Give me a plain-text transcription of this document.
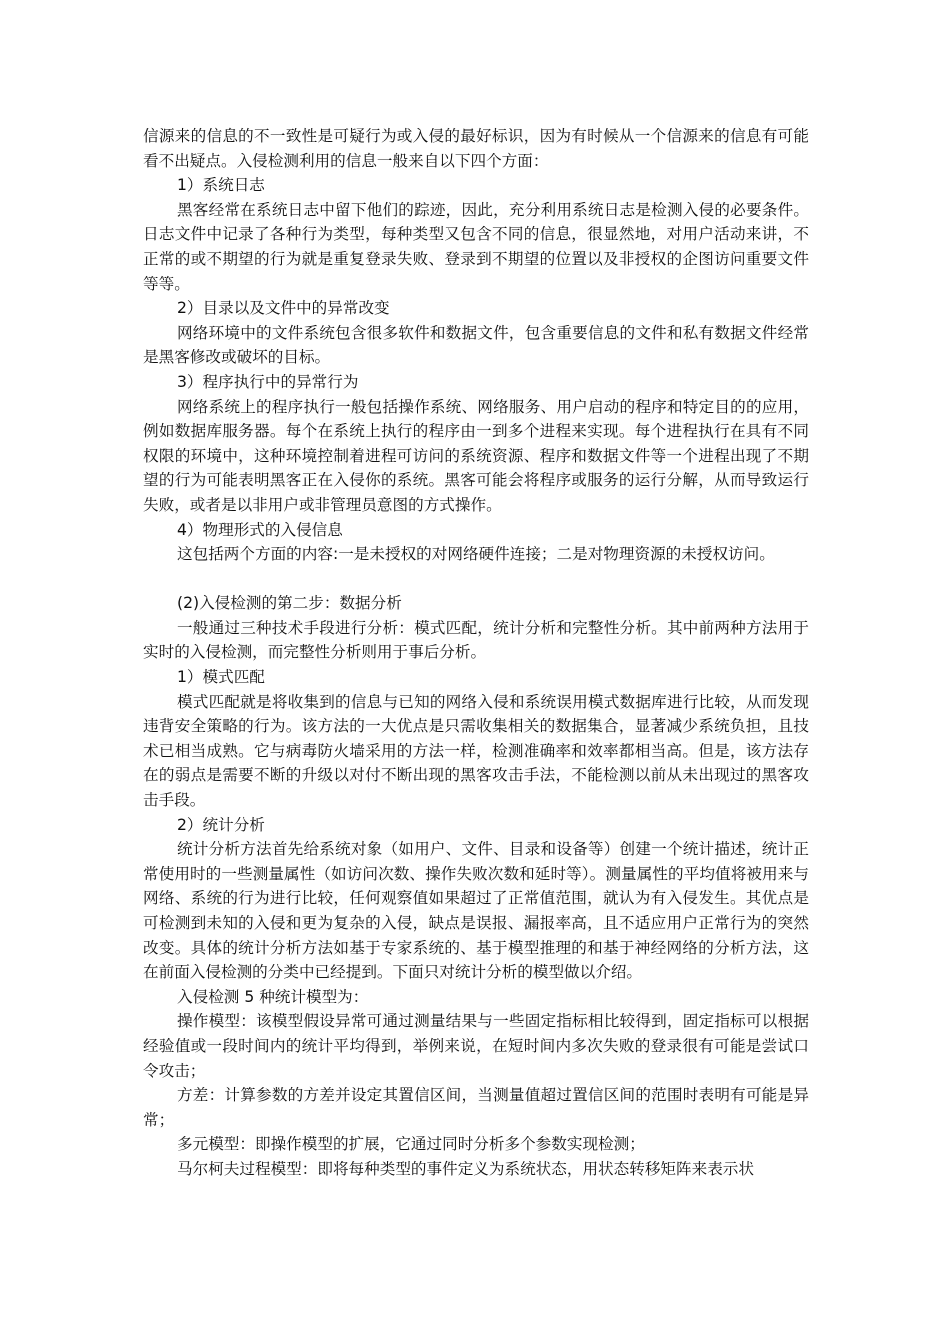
信源来的信息的不一致性是可疑行为或入侵的最好标识，因为有时候从一个信源来的信息有可能看不出疑点。入侵检测利用的信息一般来自以下四个方面：

1）系统日志

黑客经常在系统日志中留下他们的踪迹，因此，充分利用系统日志是检测入侵的必要条件。日志文件中记录了各种行为类型，每种类型又包含不同的信息，很显然地，对用户活动来讲，不正常的或不期望的行为就是重复登录失败、登录到不期望的位置以及非授权的企图访问重要文件等等。

2）目录以及文件中的异常改变

网络环境中的文件系统包含很多软件和数据文件，包含重要信息的文件和私有数据文件经常是黑客修改或破坏的目标。

3）程序执行中的异常行为

网络系统上的程序执行一般包括操作系统、网络服务、用户启动的程序和特定目的的应用，例如数据库服务器。每个在系统上执行的程序由一到多个进程来实现。每个进程执行在具有不同权限的环境中，这种环境控制着进程可访问的系统资源、程序和数据文件等一个进程出现了不期望的行为可能表明黑客正在入侵你的系统。黑客可能会将程序或服务的运行分解，从而导致运行失败，或者是以非用户或非管理员意图的方式操作。

4）物理形式的入侵信息

这包括两个方面的内容:一是未授权的对网络硬件连接；二是对物理资源的未授权访问。

(2)入侵检测的第二步：数据分析

一般通过三种技术手段进行分析：模式匹配，统计分析和完整性分析。其中前两种方法用于实时的入侵检测，而完整性分析则用于事后分析。

1）模式匹配

模式匹配就是将收集到的信息与已知的网络入侵和系统误用模式数据库进行比较，从而发现违背安全策略的行为。该方法的一大优点是只需收集相关的数据集合，显著减少系统负担，且技术已相当成熟。它与病毒防火墙采用的方法一样，检测准确率和效率都相当高。但是，该方法存在的弱点是需要不断的升级以对付不断出现的黑客攻击手法，不能检测以前从未出现过的黑客攻击手段。

2）统计分析

统计分析方法首先给系统对象（如用户、文件、目录和设备等）创建一个统计描述，统计正常使用时的一些测量属性（如访问次数、操作失败次数和延时等）。测量属性的平均值将被用来与网络、系统的行为进行比较，任何观察值如果超过了正常值范围，就认为有入侵发生。其优点是可检测到未知的入侵和更为复杂的入侵，缺点是误报、漏报率高，且不适应用户正常行为的突然改变。具体的统计分析方法如基于专家系统的、基于模型推理的和基于神经网络的分析方法，这在前面入侵检测的分类中已经提到。下面只对统计分析的模型做以介绍。

入侵检测 5 种统计模型为：

操作模型：该模型假设异常可通过测量结果与一些固定指标相比较得到，固定指标可以根据经验值或一段时间内的统计平均得到，举例来说，在短时间内多次失败的登录很有可能是尝试口令攻击；

方差：计算参数的方差并设定其置信区间，当测量值超过置信区间的范围时表明有可能是异常；

多元模型：即操作模型的扩展，它通过同时分析多个参数实现检测；

马尔柯夫过程模型：即将每种类型的事件定义为系统状态，用状态转移矩阵来表示状
